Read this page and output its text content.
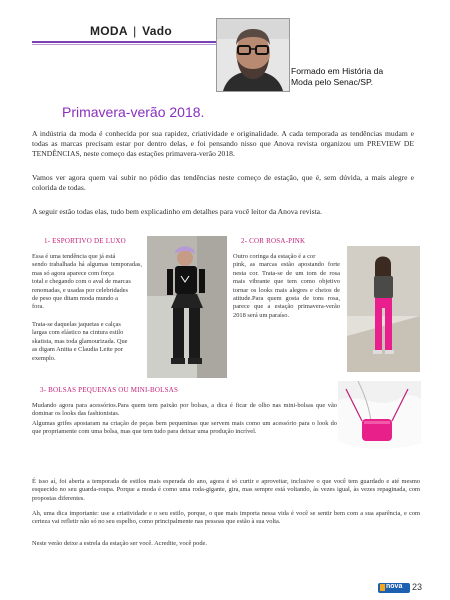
MODA | Vado
Formado em História da
Moda pelo Senac/SP.
Primavera-verão 2018.
A indústria da moda é conhecida por sua rapidez, criatividade e originalidade. A cada temporada as tendências mudam e todas as marcas precisam estar por dentro delas, e foi pensando nisso que Anova revista organizou um PREVIEW DE TENDÊNCIAS, neste começo das estações primavera-verão 2018.
Vamos ver agora quem vai subir no pódio das tendências neste começo de estação, que é, sem dúvida, a mais alegre e colorida de todas.
A seguir estão todas elas, tudo bem explicadinho em detalhes para você leitor da Anova revista.
1- ESPORTIVO DE LUXO
Essa é uma tendência que já está
sendo trabalhada há algumas temporadas, mas só agora aparece com força
total e chegando com o aval de marcas
renomadas, e usadas por celebridades
de peso que ditam moda mundo a
fora.
Trata-se daquelas jaquetas e calças
largas com elástico na cintura estilo
skatista, mas toda glamourizada. Que
as digam Anitta e Claudia Leite por
exemplo.
2- COR ROSA-PINK
Outro coringa da estação é a cor
pink, as marcas estão apostando forte nesta cor. Trata-se de um tom de rosa mais vibrante que tem como objetivo tornar os looks mais alegres e cheios de atitude.Para quem gosta de tons rosa, parece que a estação primavera-verão 2018 será um paraíso.
3- BOLSAS PEQUENAS OU MINI-BOLSAS
Mudando agora para acessórios.Para quem tem paixão por bolsas, a dica é ficar de olho nas mini-bolsas que vão dominar os looks das fashionistas.
Algumas grifes apostaram na criação de peças bem pequeninas que servem mais como um acessório para o look do que propriamente com uma bolsa, mas que tem tudo para deixar uma produção incrível.
É isso aí, foi aberta a temporada de estilos mais esperada do ano, agora é só curtir e aproveitar, inclusive o que você tem guardado e até mesmo esquecido no seu guarda-roupa. Porque a moda é como uma roda-gigante, gira, mas sempre está voltando, às vezes igual, às vezes repaginada, com propostas diferentes.
Ah, uma dica importante: use a criatividade e o seu estilo, porque, o que mais importa nessa vida é você se sentir bem com a sua aparência, e com certeza vai refletir não só no seu espelho, como principalmente nas pessoas que estão à sua volta.
Neste verão deixe a estrela da estação ser você. Acredite, você pode.
nova 23
